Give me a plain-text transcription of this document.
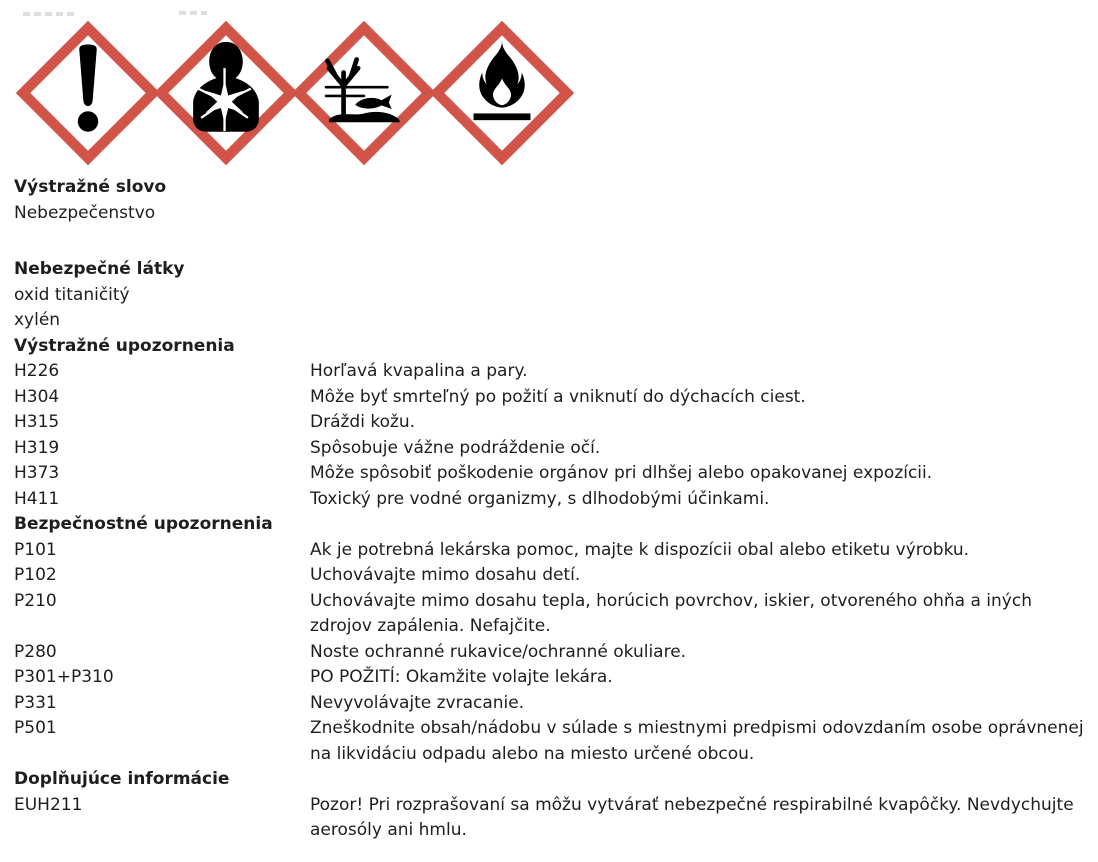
Výstražné slovo
Nebezpečenstvo
Nebezpečné látky
oxid titaničitý
xylén
Výstražné upozornenia
H226	Horľavá kvapalina a pary.
H304	Môže byť smrteľný po požití a vniknutí do dýchacích ciest.
H315	Dráždi kožu.
H319	Spôsobuje vážne podráždenie očí.
H373	Môže spôsobiť poškodenie orgánov pri dlhšej alebo opakovanej expozícii.
H411	Toxický pre vodné organizmy, s dlhodobými účinkami.
Bezpečnostné upozornenia
P101	Ak je potrebná lekárska pomoc, majte k dispozícii obal alebo etiketu výrobku.
P102	Uchovávajte mimo dosahu detí.
P210	Uchovávajte mimo dosahu tepla, horúcich povrchov, iskier, otvoreného ohňa a iných zdrojov zapálenia. Nefajčite.
P280	Noste ochranné rukavice/ochranné okuliare.
P301+P310	PO POŽITÍ: Okamžite volajte lekára.
P331	Nevyvolávajte zvracanie.
P501	Zneškodnite obsah/nádobu v súlade s miestnymi predpismi odovzdaním osobe oprávnenej na likvidáciu odpadu alebo na miesto určené obcou.
Doplňujúce informácie
EUH211	Pozor! Pri rozprašovaní sa môžu vytvárať nebezpečné respirabilné kvapôčky. Nevdychujte aerosóly ani hmlu.
